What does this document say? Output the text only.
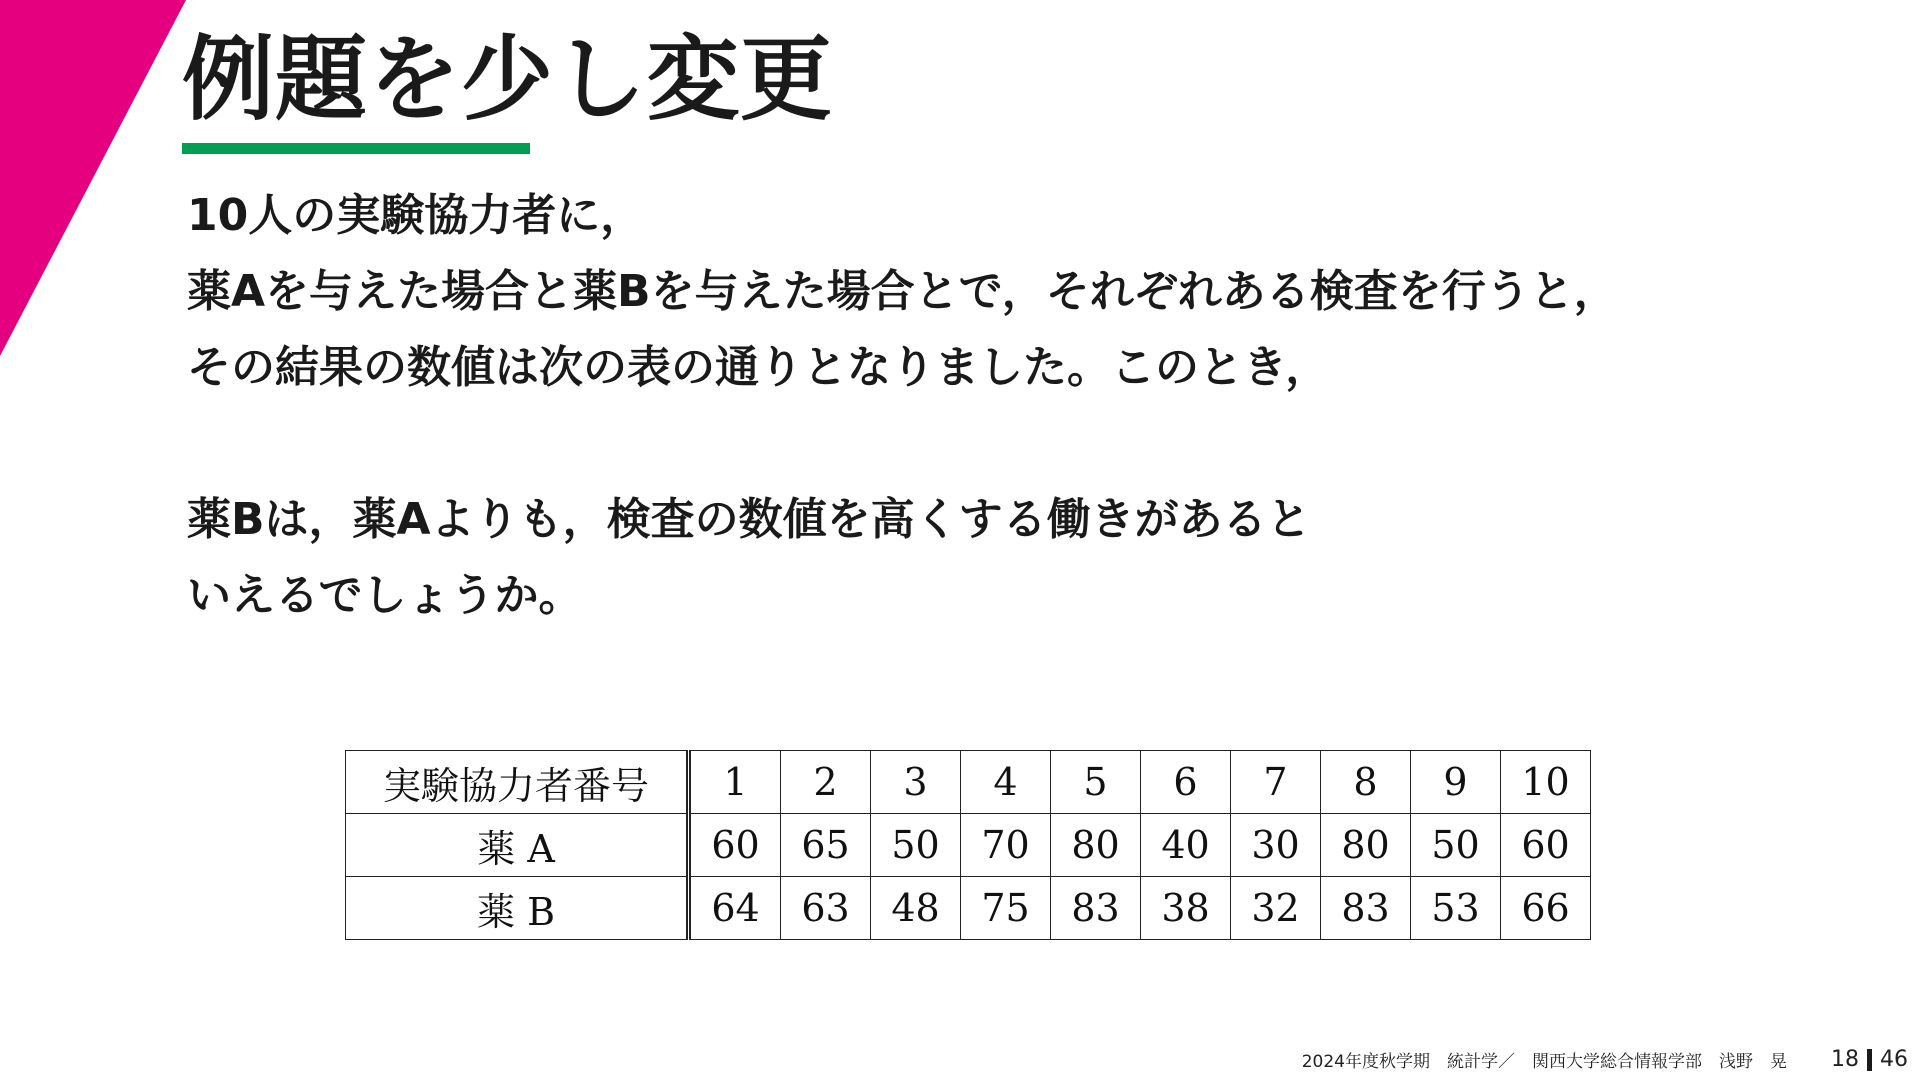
例題を少し変更
10人の実験協力者に，
薬Aを与えた場合と薬Bを与えた場合とで，それぞれある検査を行うと，
その結果の数値は次の表の通りとなりました。このとき，
薬Bは，薬Aよりも，検査の数値を高くする働きがあると
いえるでしょうか。
実験協力者番号	1	2	3	4	5	6	7	8	9	10
薬 A	60	65	50	70	80	40	30	80	50	60
薬 B	64	63	48	75	83	38	32	83	53	66
2024年度秋学期　統計学／　関西大学総合情報学部　浅野　晃 18 46
